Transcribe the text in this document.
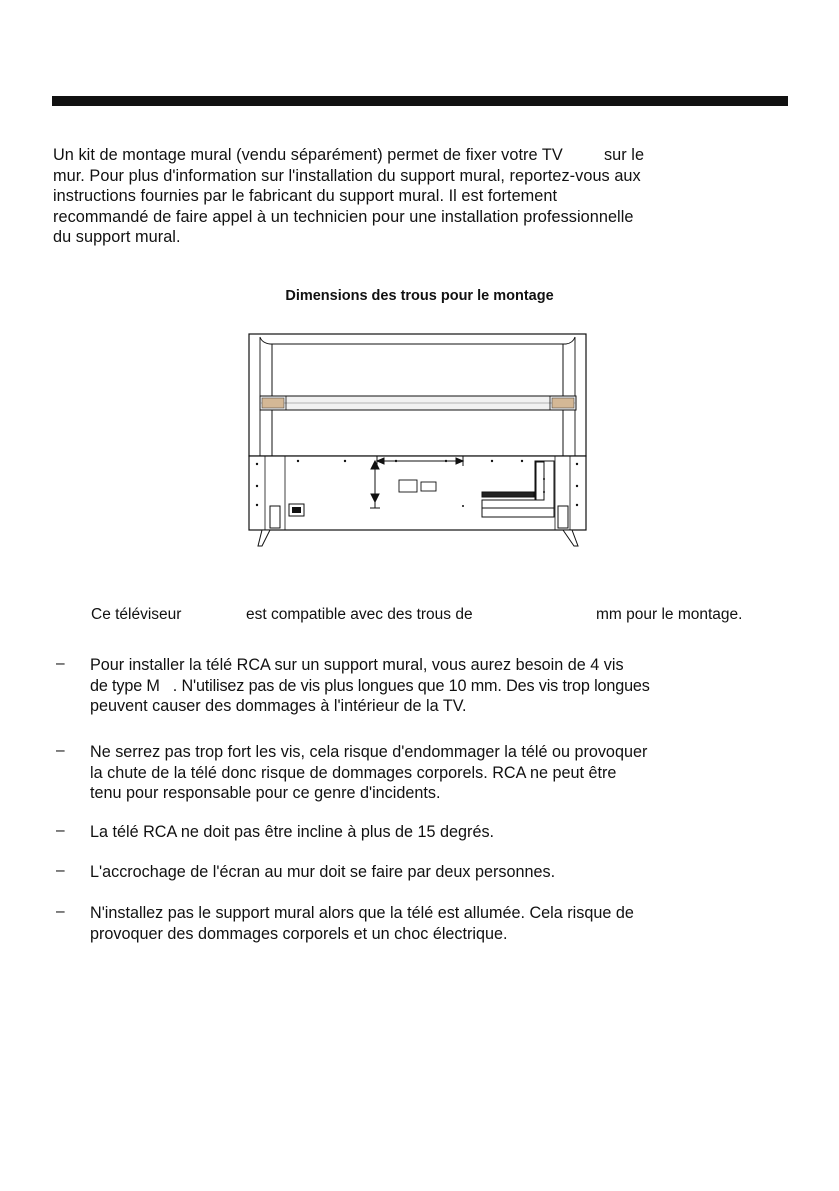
Un kit de montage mural (vendu séparément) permet de fixer votre TV         sur le
mur. Pour plus d'information sur l'installation du support mural, reportez-vous aux
instructions fournies par le fabricant du support mural. Il est fortement
recommandé de faire appel à un technicien pour une installation professionnelle
du support mural.
Dimensions des trous pour le montage
Ce téléviseur	est compatible avec des trous de	mm pour le montage.
– Pour installer la télé RCA sur un support mural, vous aurez besoin de 4 vis
de type M   . N'utilisez pas de vis plus longues que 10 mm. Des vis trop longues
peuvent causer des dommages à l'intérieur de la TV.
– Ne serrez pas trop fort les vis, cela risque d'endommager la télé ou provoquer
la chute de la télé donc risque de dommages corporels. RCA ne peut être
tenu pour responsable pour ce genre d'incidents.
– La télé RCA ne doit pas être incline à plus de 15 degrés.
– L'accrochage de l'écran au mur doit se faire par deux personnes.
– N'installez pas le support mural alors que la télé est allumée. Cela risque de
provoquer des dommages corporels et un choc électrique.
